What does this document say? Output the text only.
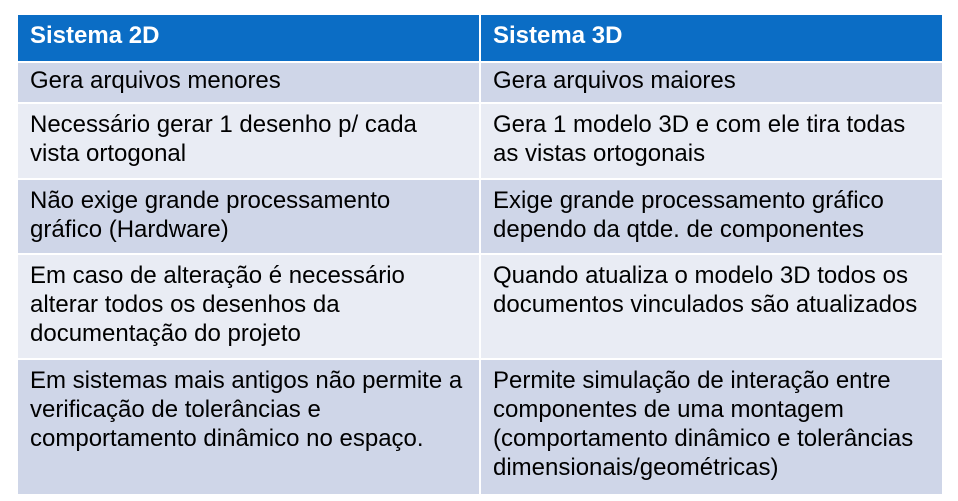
Sistema 2D	Sistema 3D
Gera arquivos menores	Gera arquivos maiores
Necessário gerar 1 desenho p/ cada vista ortogonal	Gera 1 modelo 3D e com ele tira todas as vistas ortogonais
Não exige grande processamento gráfico (Hardware)	Exige grande processamento gráfico dependo da qtde. de componentes
Em caso de alteração é necessário alterar todos os desenhos da documentação do projeto	Quando atualiza o modelo 3D todos os documentos vinculados são atualizados
Em sistemas mais antigos não permite a verificação de tolerâncias e comportamento dinâmico no espaço.	Permite simulação de interação entre componentes de uma montagem (comportamento dinâmico e tolerâncias dimensionais/geométricas)
